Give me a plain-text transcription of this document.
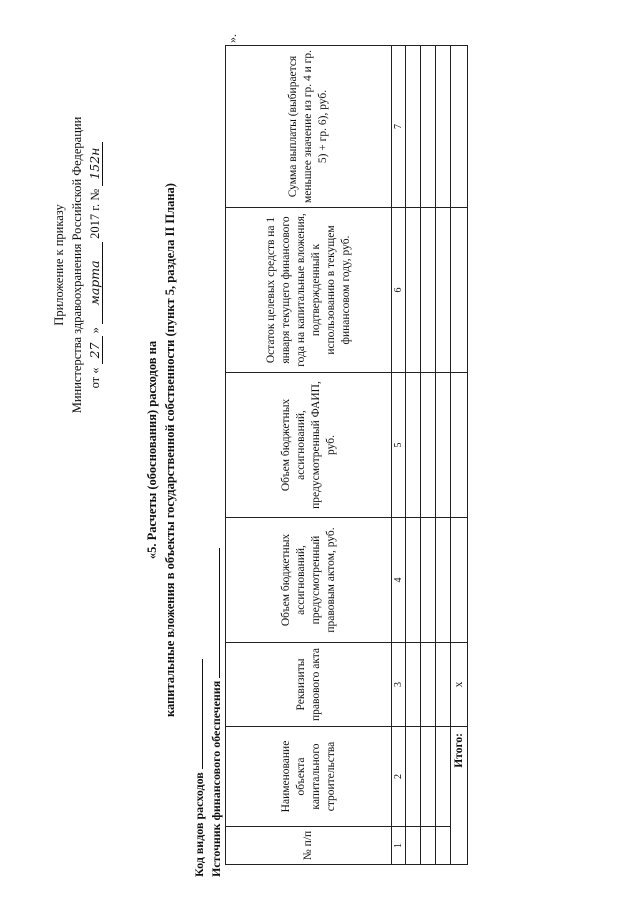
Приложение к приказу Министерства здравоохранения Российской Федерации от « 27 » марта 2017 г. № 152н
«5. Расчеты (обоснования) расходов на капитальные вложения в объекты государственной собственности (пункт 5, раздела II Плана)
Код видов расходов Источник финансового обеспечения	№ п/п	Наименование объекта капитального строительства	Реквизиты правового акта	Объем бюджетных ассигнований, предусмотренный правовым актом, руб.	Объем бюджетных ассигнований, предусмотренный ФАИП, руб.	Остаток целевых средств на 1 января текущего финансового года на капитальные вложения, подтвержденный к использованию в текущем финансовом году, руб.	Сумма выплаты (выбирается меньшее значение из гр. 4 и гр. 5) + гр. 6), руб.
1	2	3	4	5	6	7

Итого:		x				
».
